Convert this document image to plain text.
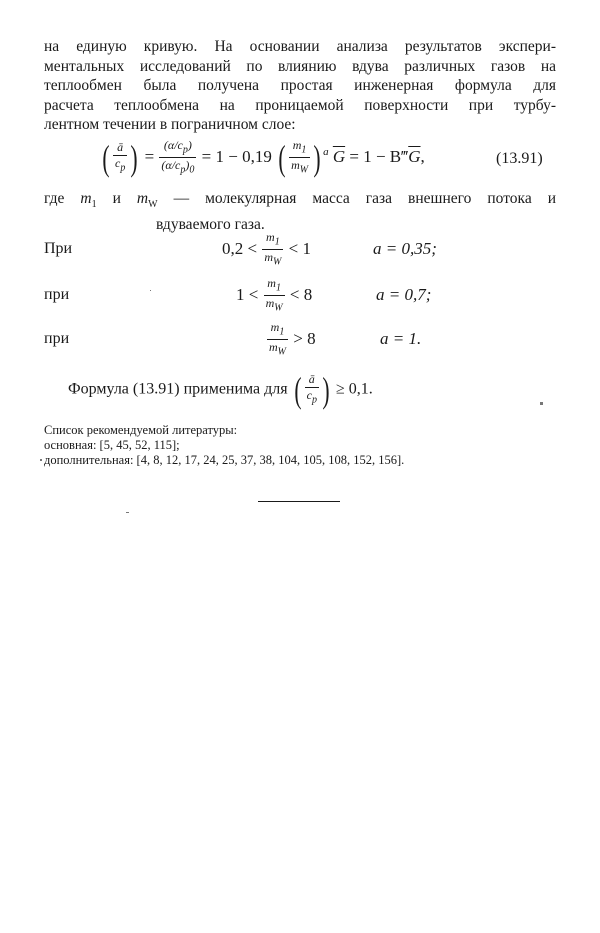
на единую кривую. На основании анализа результатов экспери-
ментальных исследований по влиянию вдува различных газов на
теплообмен была получена простая инженерная формула для
расчета теплообмена на проницаемой поверхности при турбу-
лентном течении в пограничном слое:
( $\frac{ā}{c_p}$ ) = $\frac{(\alpha/c_p)}{(\alpha/c_p)_0} = 1 - 0,19$ ( $\frac{m_1}{m_W}$ ) $^a$ $\overline{G} = 1$ − $B‴\overline{G}$,	(13.91)
где $m_1$ и $m_W$ — молекулярная масса газа внешнего потока и
вдуваемого газа.
При	$0,2 < \frac{m_1}{m_W} < 1$	a = 0,35;
при	$1 < \frac{m_1}{m_W} < 8$	a = 0,7;
при	$\frac{m_1}{m_W} > 8$	a = 1.
Формула (13.91) применима для ( $\frac{ā}{c_p}$ ) ≥ 0,1.
Список рекомендуемой литературы:
основная: [5, 45, 52, 115];
дополнительная: [4, 8, 12, 17, 24, 25, 37, 38, 104, 105, 108, 152, 156].
